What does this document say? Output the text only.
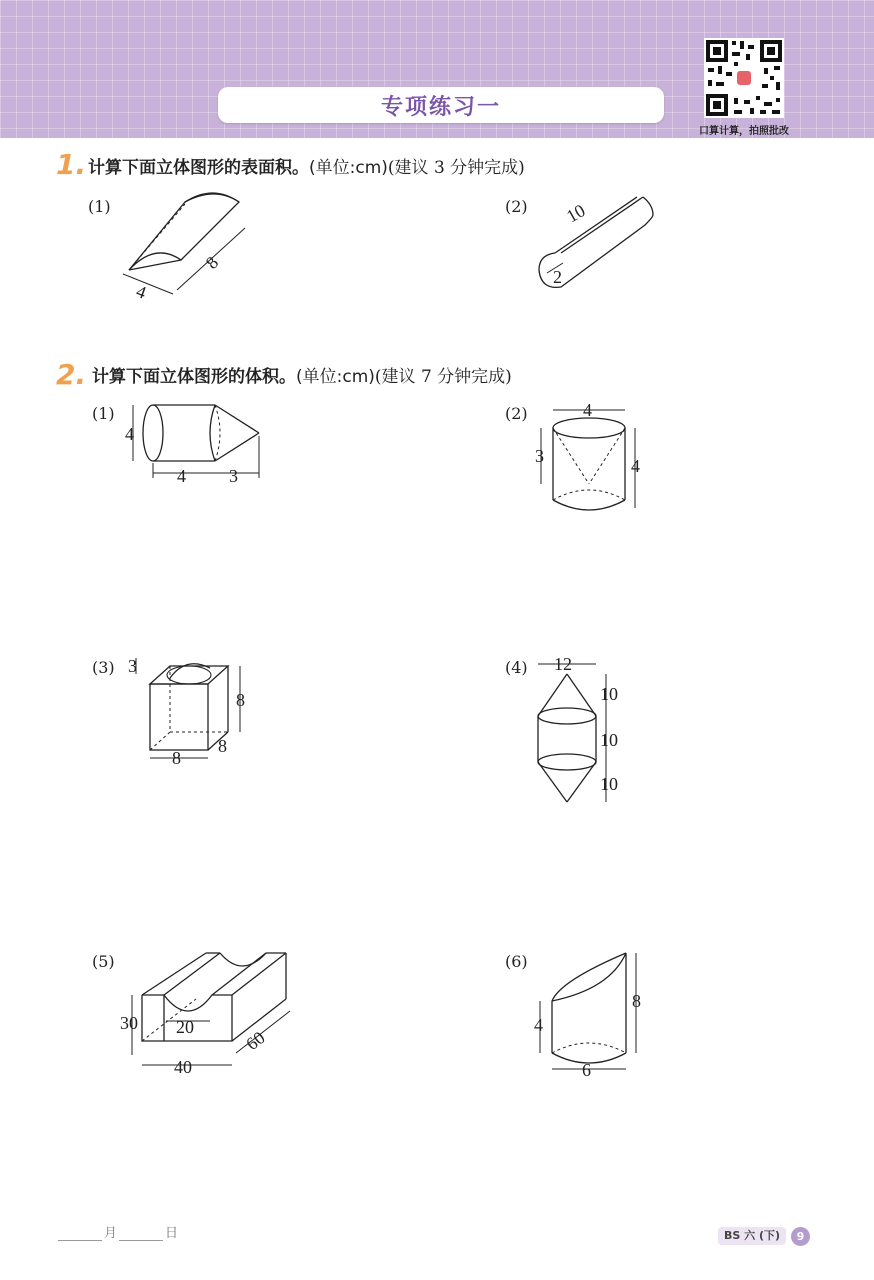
专项练习一
口算计算，拍照批改
1. 计算下面立体图形的表面积。(单位:cm)(建议 3 分钟完成)
(1)
4
8
(2) 10
2
2. 计算下面立体图形的体积。(单位:cm)(建议 7 分钟完成)
(1)
4
4 3
(2)	4
3	4
(3) 3
8
8
8
(4) 12
10
10
10
(5)
30 20
40
60
(6)
4
8
6
月	日	BS 六 (下)	9
